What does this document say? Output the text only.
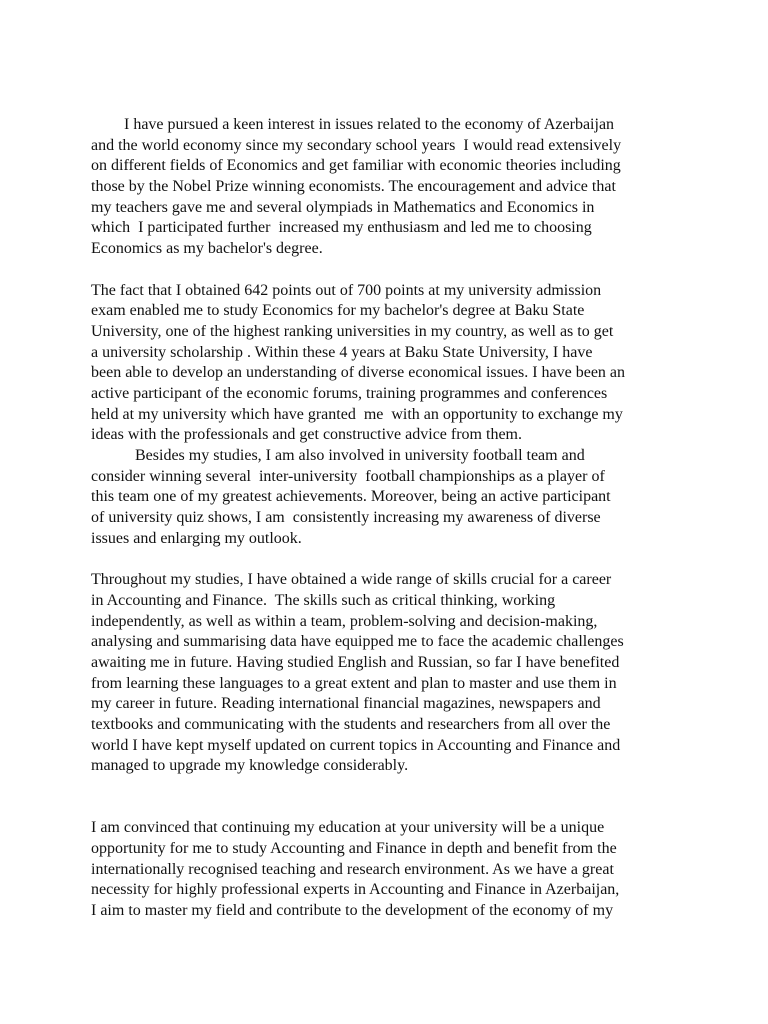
I have pursued a keen interest in issues related to the economy of Azerbaijan
and the world economy since my secondary school years  I would read extensively
on different fields of Economics and get familiar with economic theories including
those by the Nobel Prize winning economists. The encouragement and advice that
my teachers gave me and several olympiads in Mathematics and Economics in
which  I participated further  increased my enthusiasm and led me to choosing
Economics as my bachelor's degree.
The fact that I obtained 642 points out of 700 points at my university admission
exam enabled me to study Economics for my bachelor's degree at Baku State
University, one of the highest ranking universities in my country, as well as to get
a university scholarship . Within these 4 years at Baku State University, I have
been able to develop an understanding of diverse economical issues. I have been an
active participant of the economic forums, training programmes and conferences
held at my university which have granted  me  with an opportunity to exchange my
ideas with the professionals and get constructive advice from them.
Besides my studies, I am also involved in university football team and
consider winning several  inter-university  football championships as a player of
this team one of my greatest achievements. Moreover, being an active participant
of university quiz shows, I am  consistently increasing my awareness of diverse
issues and enlarging my outlook.
Throughout my studies, I have obtained a wide range of skills crucial for a career
in Accounting and Finance.  The skills such as critical thinking, working
independently, as well as within a team, problem-solving and decision-making,
analysing and summarising data have equipped me to face the academic challenges
awaiting me in future. Having studied English and Russian, so far I have benefited
from learning these languages to a great extent and plan to master and use them in
my career in future. Reading international financial magazines, newspapers and
textbooks and communicating with the students and researchers from all over the
world I have kept myself updated on current topics in Accounting and Finance and
managed to upgrade my knowledge considerably.
I am convinced that continuing my education at your university will be a unique
opportunity for me to study Accounting and Finance in depth and benefit from the
internationally recognised teaching and research environment. As we have a great
necessity for highly professional experts in Accounting and Finance in Azerbaijan,
I aim to master my field and contribute to the development of the economy of my
